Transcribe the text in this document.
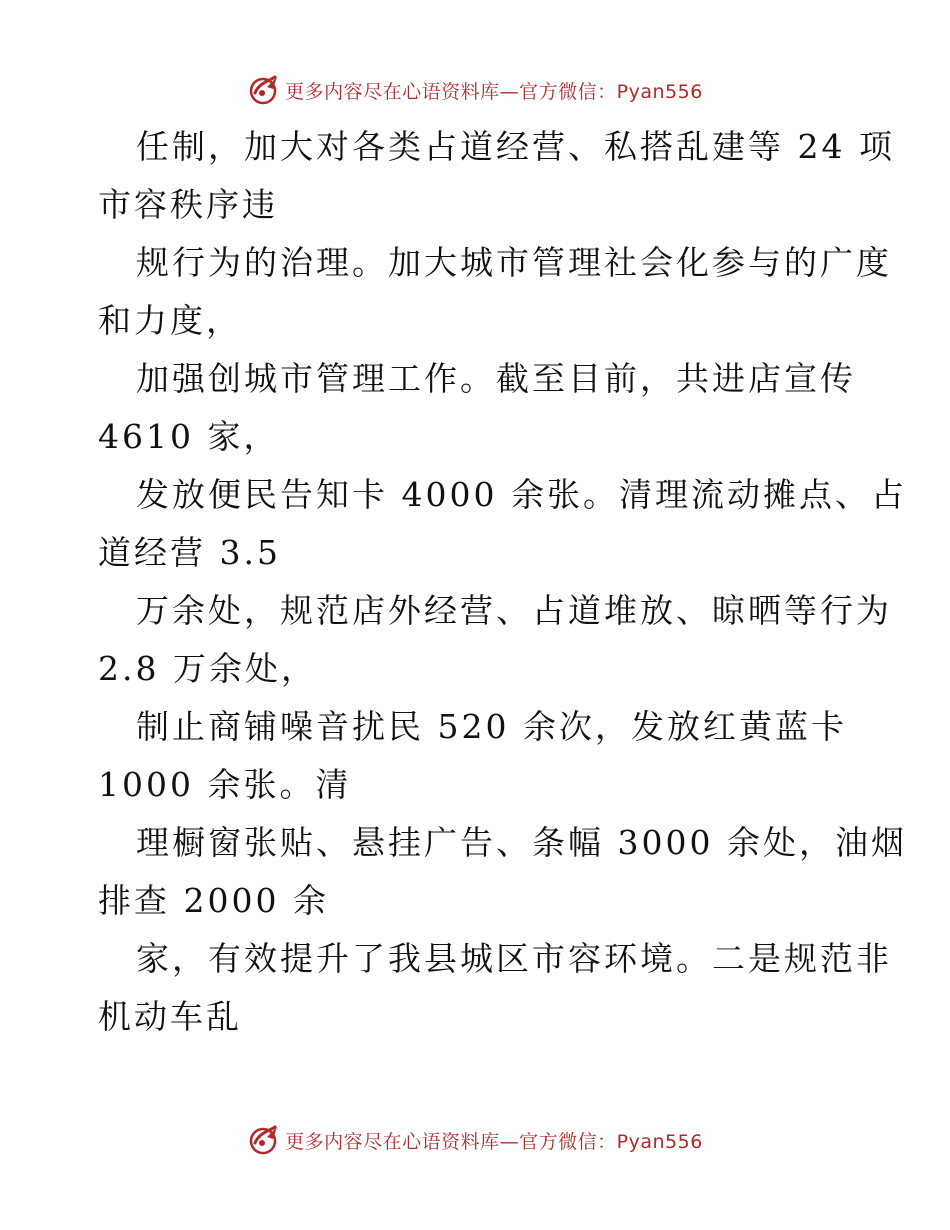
更多内容尽在心语资料库—官方微信：Pyan556

任制，加大对各类占道经营、私搭乱建等 24 项

市容秩序违

规行为的治理。加大城市管理社会化参与的广度

和力度，

加强创城市管理工作。截至目前，共进店宣传

4610 家，

发放便民告知卡 4000 余张。清理流动摊点、占

道经营 3.5

万余处，规范店外经营、占道堆放、晾晒等行为

2.8 万余处，

制止商铺噪音扰民 520 余次，发放红黄蓝卡

1000 余张。清

理橱窗张贴、悬挂广告、条幅 3000 余处，油烟

排查 2000 余

家，有效提升了我县城区市容环境。二是规范非

机动车乱

更多内容尽在心语资料库—官方微信：Pyan556
